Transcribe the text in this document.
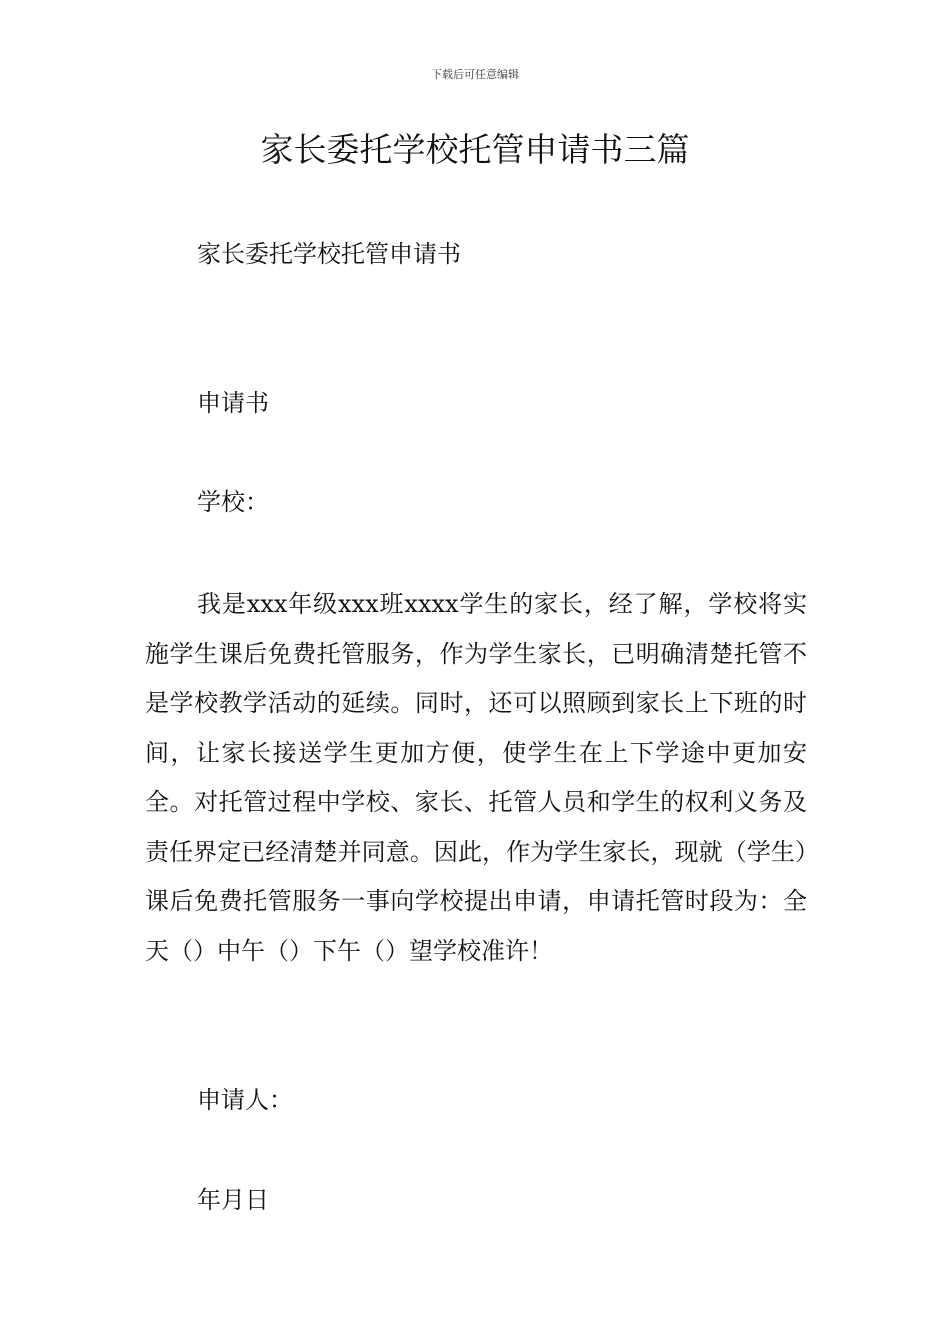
下载后可任意编辑
家长委托学校托管申请书三篇
家长委托学校托管申请书
申请书
学校：

我是xxx年级xxx班xxxx学生的家长，经了解，学校将实施学生课后免费托管服务，作为学生家长，已明确清楚托管不是学校教学活动的延续。同时，还可以照顾到家长上下班的时间，让家长接送学生更加方便，使学生在上下学途中更加安全。对托管过程中学校、家长、托管人员和学生的权利义务及责任界定已经清楚并同意。因此，作为学生家长，现就（学生）课后免费托管服务一事向学校提出申请，申请托管时段为：全天（）中午（）下午（）望学校准许！

申请人：
年月日
